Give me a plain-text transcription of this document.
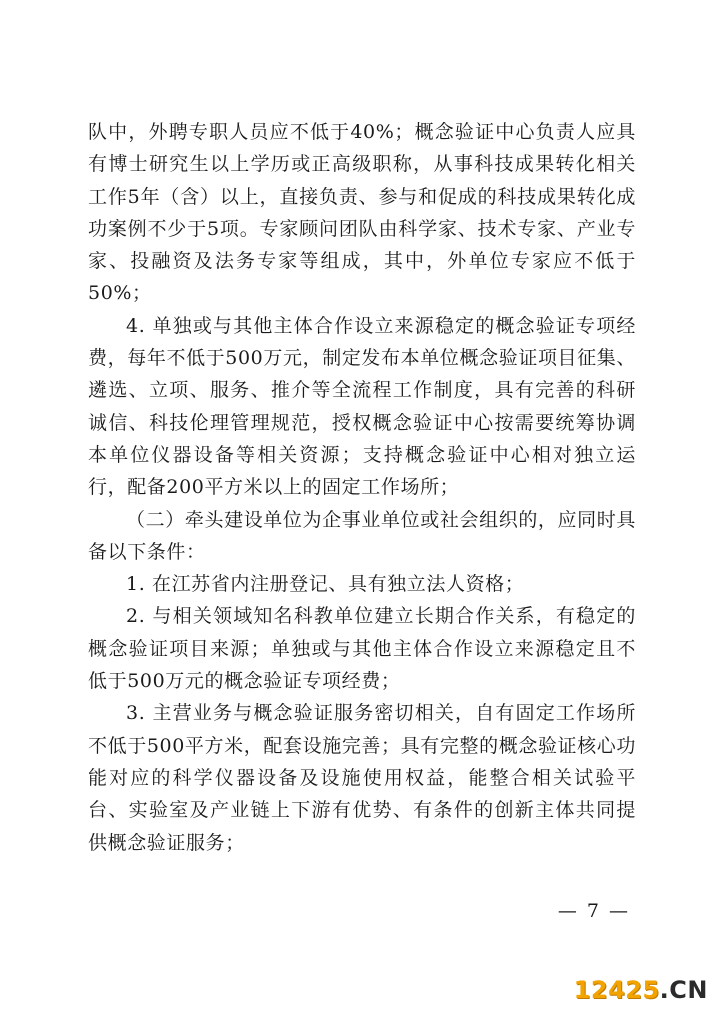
队中，外聘专职人员应不低于40%；概念验证中心负责人应具有博士研究生以上学历或正高级职称，从事科技成果转化相关工作5年（含）以上，直接负责、参与和促成的科技成果转化成功案例不少于5项。专家顾问团队由科学家、技术专家、产业专家、投融资及法务专家等组成，其中，外单位专家应不低于50%；

4. 单独或与其他主体合作设立来源稳定的概念验证专项经费，每年不低于500万元，制定发布本单位概念验证项目征集、遴选、立项、服务、推介等全流程工作制度，具有完善的科研诚信、科技伦理管理规范，授权概念验证中心按需要统筹协调本单位仪器设备等相关资源；支持概念验证中心相对独立运行，配备200平方米以上的固定工作场所；

（二）牵头建设单位为企事业单位或社会组织的，应同时具备以下条件：

1. 在江苏省内注册登记、具有独立法人资格；

2. 与相关领域知名科教单位建立长期合作关系，有稳定的概念验证项目来源；单独或与其他主体合作设立来源稳定且不低于500万元的概念验证专项经费；

3. 主营业务与概念验证服务密切相关，自有固定工作场所不低于500平方米，配套设施完善；具有完整的概念验证核心功能对应的科学仪器设备及设施使用权益，能整合相关试验平台、实验室及产业链上下游有优势、有条件的创新主体共同提供概念验证服务；

— 7 —
12425.CN
